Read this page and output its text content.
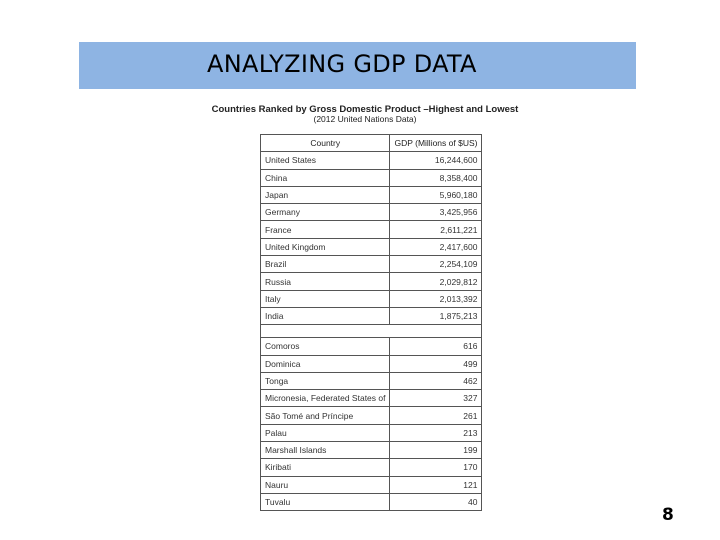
ANALYZING GDP DATA
Countries Ranked by Gross Domestic Product –Highest and Lowest
(2012 United Nations Data)
Country	GDP (Millions of $US)
United States	16,244,600
China	8,358,400
Japan	5,960,180
Germany	3,425,956
France	2,611,221
United Kingdom	2,417,600
Brazil	2,254,109
Russia	2,029,812
Italy	2,013,392
India	1,875,213

Comoros	616
Dominica	499
Tonga	462
Micronesia, Federated States of	327
São Tomé and Príncipe	261
Palau	213
Marshall Islands	199
Kiribati	170
Nauru	121
Tuvalu	40
8
